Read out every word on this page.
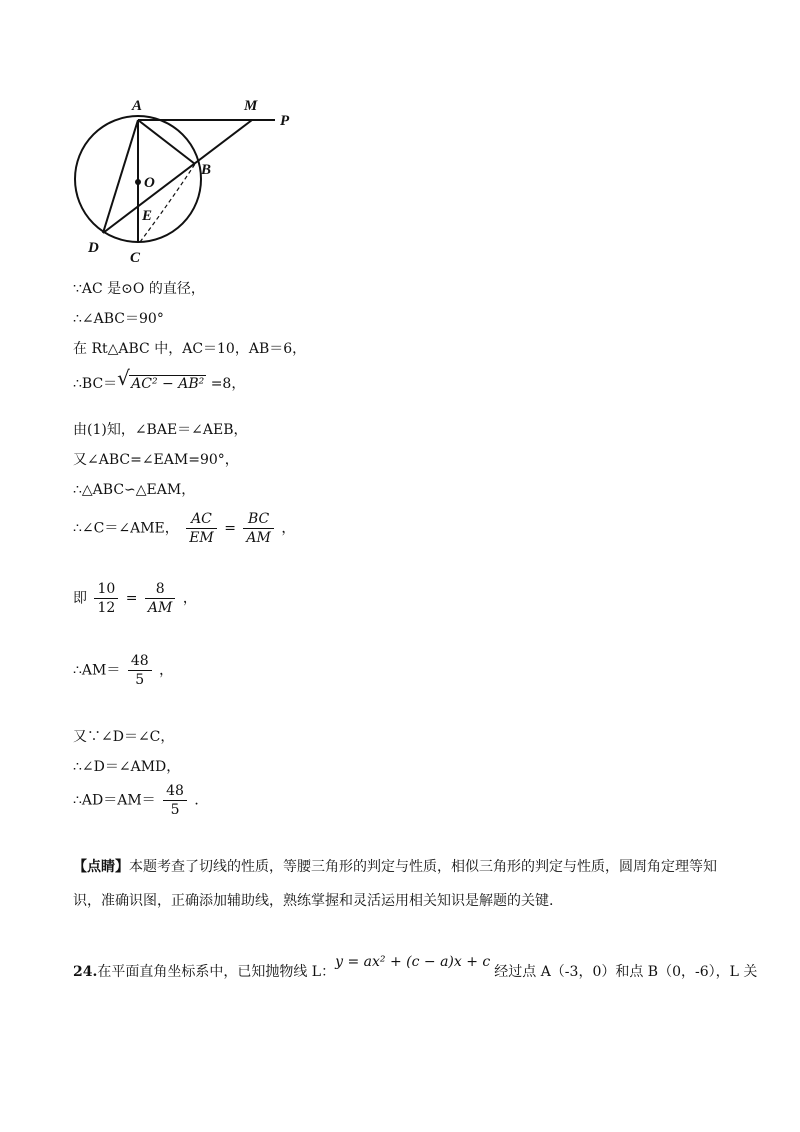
A	M
P
B
O
E
D
C
∵AC 是⊙O 的直径，
∴∠ABC＝90°
在 Rt△ABC 中，AC＝10，AB＝6，
∴BC＝ √ AC² − AB² =8，
由(1)知，∠BAE＝∠AEB，
又∠ABC=∠EAM=90°，
∴△ABC∽△EAM，
∴∠C＝∠AME， $\frac{AC}{EM} = \frac{BC}{AM}$ ，
即 $\frac{10}{12} = \frac{8}{AM}$ ，
∴AM＝ $\frac{48}{5}$ ，
又∵∠D＝∠C，
∴∠D＝∠AMD，
∴AD＝AM＝ $\frac{48}{5}$ ．
【点睛】本题考查了切线的性质，等腰三角形的判定与性质，相似三角形的判定与性质，圆周角定理等知
识，准确识图，正确添加辅助线，熟练掌握和灵活运用相关知识是解题的关键.
24.在平面直角坐标系中，已知抛物线 L：y = ax² + (c − a)x + c经过点 A（-3，0）和点 B（0，-6），L 关
